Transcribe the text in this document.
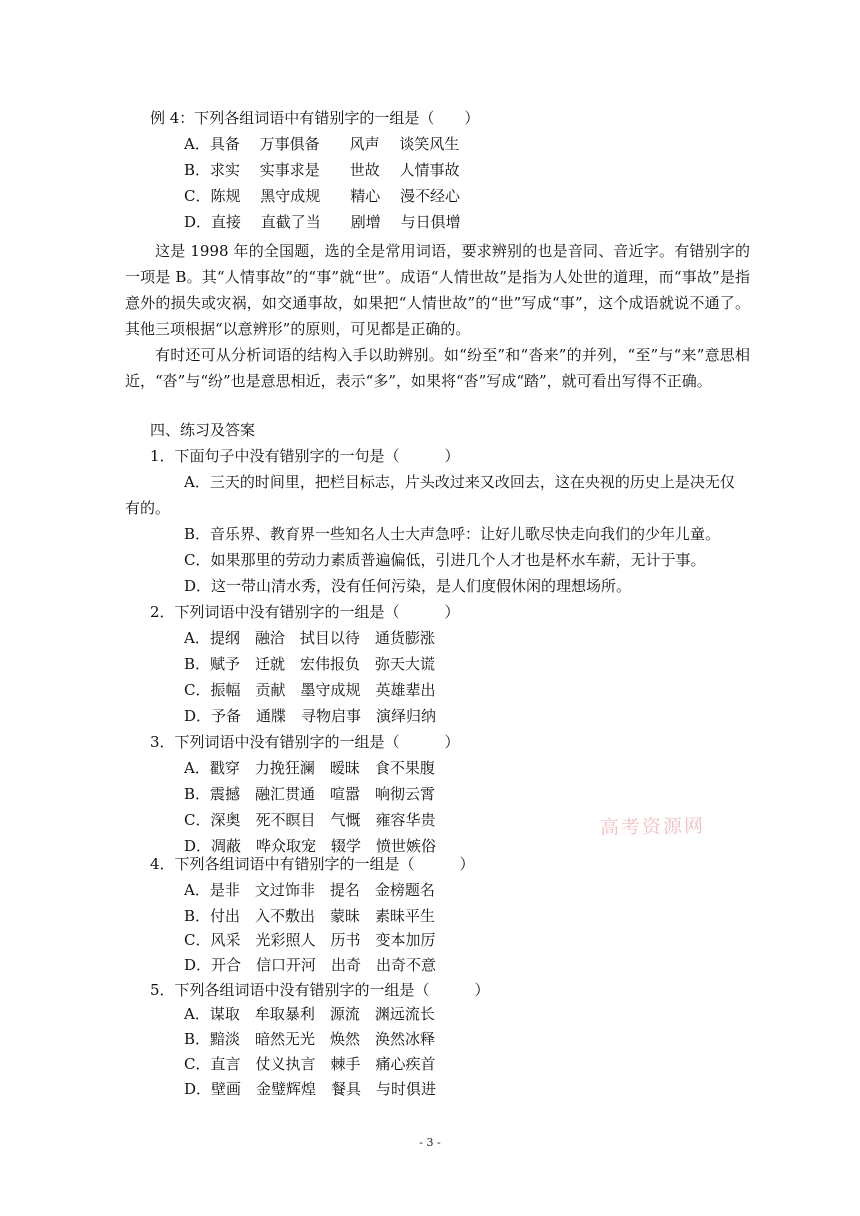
例 4：下列各组词语中有错别字的一组是（　　）
A．具备　 万事俱备　　风声　 谈笑风生
B．求实　 实事求是　　世故　 人情事故
C．陈规　 黑守成规　　精心　 漫不经心
D．直接　 直截了当　　剧增　 与日俱增

这是 1998 年的全国题，选的全是常用词语，要求辨别的也是音同、音近字。有错别字的一项是 B。其“人情事故”的“事”就“世”。成语“人情世故”是指为人处世的道理，而“事故”是指意外的损失或灾祸，如交通事故，如果把“人情世故”的“世”写成“事”，这个成语就说不通了。其他三项根据“以意辨形”的原则，可见都是正确的。

有时还可从分析词语的结构入手以助辨别。如“纷至”和“沓来”的并列，“至”与“来”意思相近，“沓”与“纷”也是意思相近，表示“多”，如果将“沓”写成“踏”，就可看出写得不正确。

四、练习及答案
1．下面句子中没有错别字的一句是（　　　）
A．三天的时间里，把栏目标志，片头改过来又改回去，这在央视的历史上是决无仅
有的。
B．音乐界、教育界一些知名人士大声急呼：让好儿歌尽快走向我们的少年儿童。
C．如果那里的劳动力素质普遍偏低，引进几个人才也是杯水车薪，无计于事。
D．这一带山清水秀，没有任何污染，是人们度假休闲的理想场所。
2．下列词语中没有错别字的一组是（　　　）
A．提纲　融洽　拭目以待　通货膨涨
B．赋予　迁就　宏伟报负　弥天大谎
C．振幅　贡献　墨守成规　英雄辈出
D．予备　通牒　寻物启事　演绎归纳
3．下列词语中没有错别字的一组是（　　　）
A．戳穿　力挽狂澜　暧昧　食不果腹
B．震撼　融汇贯通　喧嚣　响彻云霄
C．深奥　死不瞑目　气慨　雍容华贵
D．凋蔽　哗众取宠　辍学　愤世嫉俗
4．下列各组词语中有错别字的一组是（　　　）
A．是非　文过饰非　提名　金榜题名
B．付出　入不敷出　蒙昧　素昧平生
C．风采　光彩照人　历书　变本加厉
D．开合　信口开河　出奇　出奇不意
5．下列各组词语中没有错别字的一组是（　　　）
A．谋取　牟取暴利　源流　渊远流长
B．黯淡　暗然无光　焕然　涣然冰释
C．直言　仗义执言　棘手　痛心疾首
D．壁画　金璧辉煌　餐具　与时俱进
高考资源网
- 3 -
